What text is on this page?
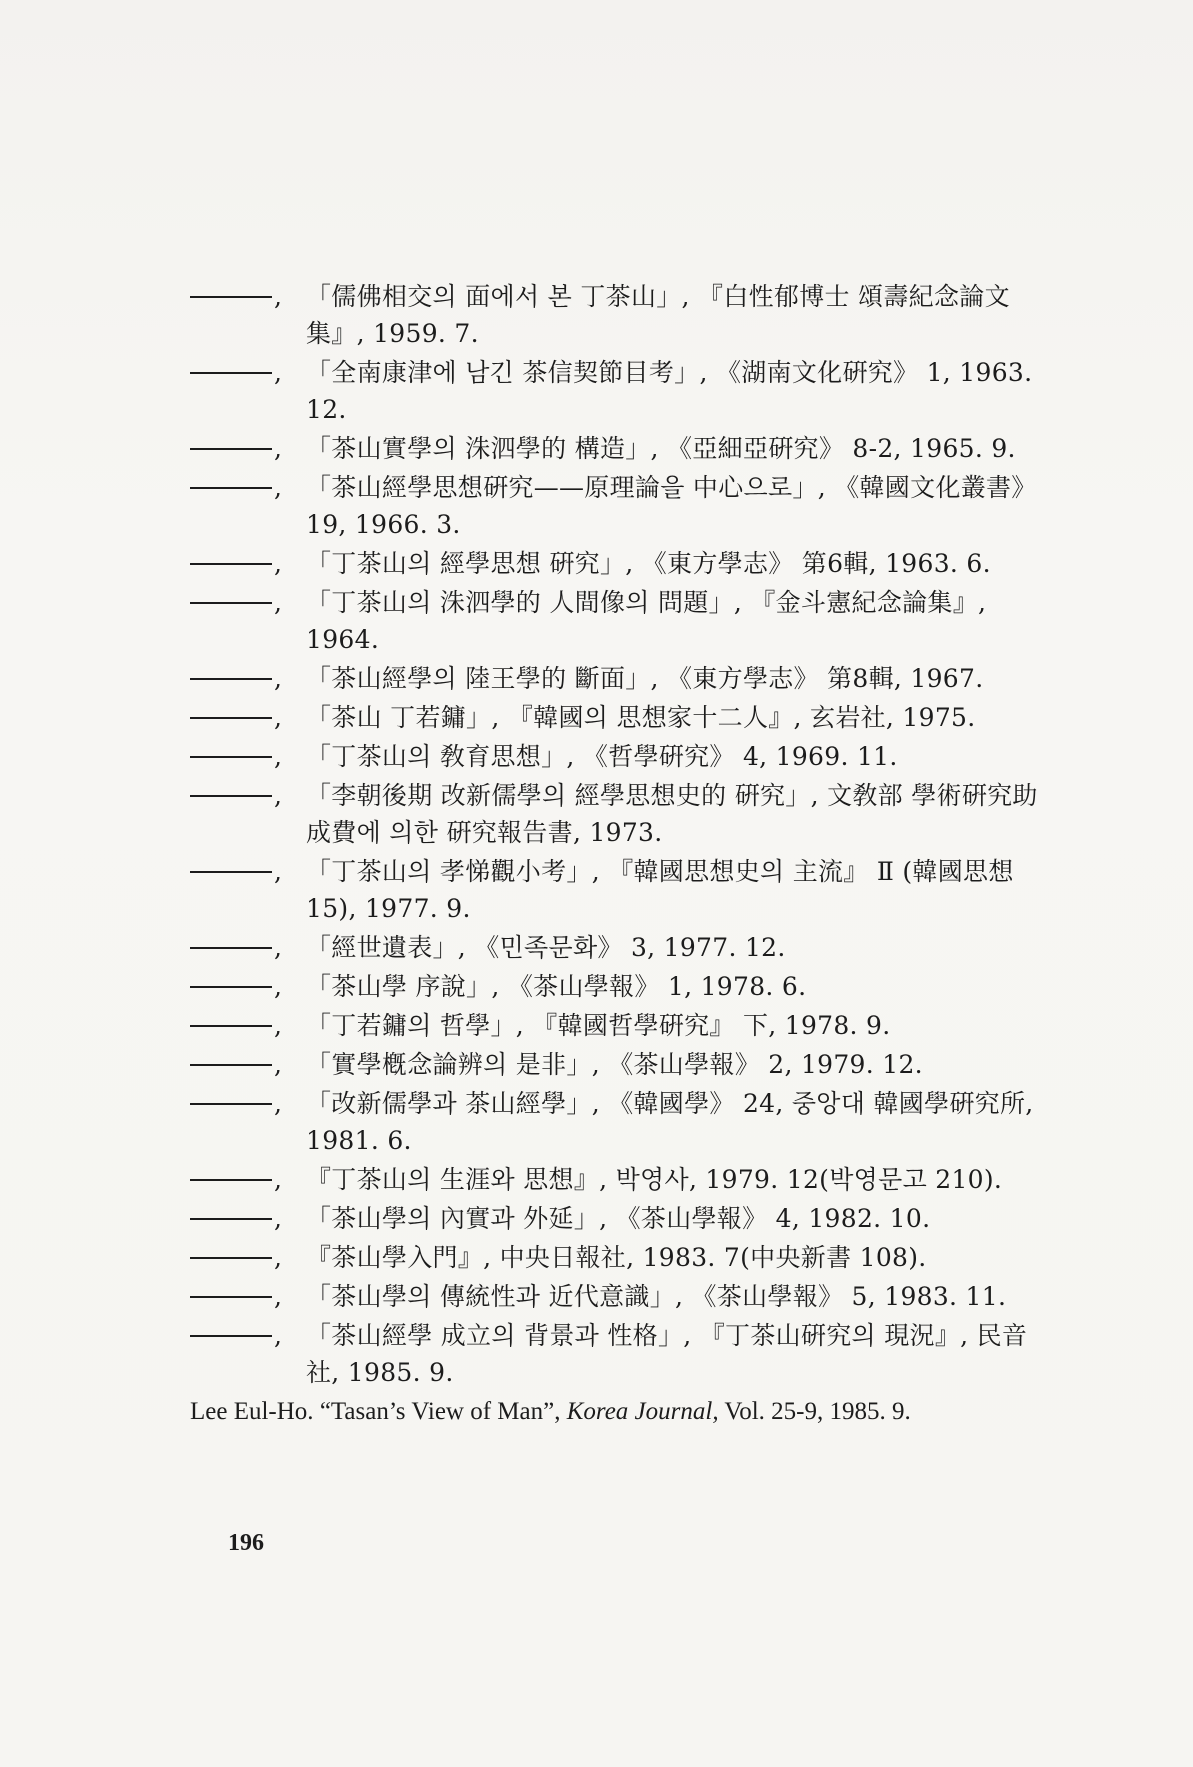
, 「儒佛相交의 面에서 본 丁茶山」, 『白性郁博士 頌壽紀念論文集』, 1959. 7.
, 「全南康津에 남긴 茶信契節目考」, 《湖南文化硏究》 1, 1963. 12.
, 「茶山實學의 洙泗學的 構造」, 《亞細亞硏究》 8-2, 1965. 9.
, 「茶山經學思想硏究——原理論을 中心으로」, 《韓國文化叢書》 19, 1966. 3.
, 「丁茶山의 經學思想 硏究」, 《東方學志》 第6輯, 1963. 6.
, 「丁茶山의 洙泗學的 人間像의 問題」, 『金斗憲紀念論集』, 1964.
, 「茶山經學의 陸王學的 斷面」, 《東方學志》 第8輯, 1967.
, 「茶山 丁若鏞」, 『韓國의 思想家十二人』, 玄岩社, 1975.
, 「丁茶山의 敎育思想」, 《哲學硏究》 4, 1969. 11.
, 「李朝後期 改新儒學의 經學思想史的 硏究」, 文敎部 學術硏究助成費에 의한 硏究報告書, 1973.
, 「丁茶山의 孝悌觀小考」, 『韓國思想史의 主流』 Ⅱ (韓國思想 15), 1977. 9.
, 「經世遺表」, 《민족문화》 3, 1977. 12.
, 「茶山學 序說」, 《茶山學報》 1, 1978. 6.
, 「丁若鏞의 哲學」, 『韓國哲學硏究』 下, 1978. 9.
, 「實學槪念論辨의 是非」, 《茶山學報》 2, 1979. 12.
, 「改新儒學과 茶山經學」, 《韓國學》 24, 중앙대 韓國學硏究所, 1981. 6.
, 『丁茶山의 生涯와 思想』, 박영사, 1979. 12(박영문고 210).
, 「茶山學의 內實과 外延」, 《茶山學報》 4, 1982. 10.
, 『茶山學入門』, 中央日報社, 1983. 7(中央新書 108).
, 「茶山學의 傳統性과 近代意識」, 《茶山學報》 5, 1983. 11.
, 「茶山經學 成立의 背景과 性格」, 『丁茶山硏究의 現況』, 民音社, 1985. 9.
Lee Eul-Ho. “Tasan’s View of Man”, Korea Journal, Vol. 25-9, 1985. 9.
196
